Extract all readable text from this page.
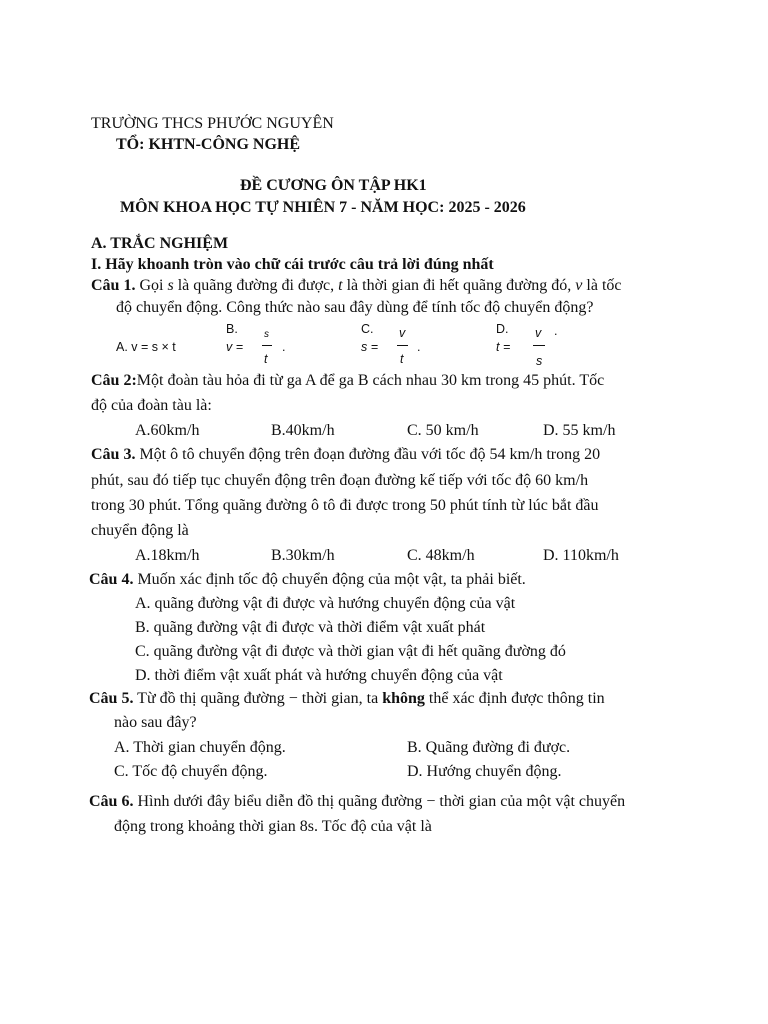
TRƯỜNG THCS PHƯỚC NGUYÊN
TỔ: KHTN-CÔNG NGHỆ
ĐỀ CƯƠNG ÔN TẬP HK1
MÔN KHOA HỌC TỰ NHIÊN 7 - NĂM HỌC: 2025 - 2026
A. TRẮC NGHIỆM
I. Hãy khoanh tròn vào chữ cái trước câu trả lời đúng nhất
Câu 1. Gọi s là quãng đường đi được, t là thời gian đi hết quãng đường đó, v là tốc
độ chuyển động. Công thức nào sau đây dùng để tính tốc độ chuyển động?
A. v = s × t
B.
v =
s
t
.
C.
s =
v
t
.
D.
t =
v
s
.
Câu 2:Một đoàn tàu hỏa đi từ ga A để ga B cách nhau 30 km trong 45 phút. Tốc
độ của đoàn tàu là:
A.60km/h	B.40km/h	C. 50 km/h	D. 55 km/h
Câu 3. Một ô tô chuyển động trên đoạn đường đầu với tốc độ 54 km/h trong 20
phút, sau đó tiếp tục chuyển động trên đoạn đường kế tiếp với tốc độ 60 km/h
trong 30 phút. Tổng quãng đường ô tô đi được trong 50 phút tính từ lúc bắt đầu
chuyển động là
A.18km/h	B.30km/h	C. 48km/h	D. 110km/h
Câu 4. Muốn xác định tốc độ chuyển động của một vật, ta phải biết.
A. quãng đường vật đi được và hướng chuyển động của vật
B. quãng đường vật đi được và thời điểm vật xuất phát
C. quãng đường vật đi được và thời gian vật đi hết quãng đường đó
D. thời điểm vật xuất phát và hướng chuyển động của vật
Câu 5. Từ đồ thị quãng đường − thời gian, ta không thể xác định được thông tin
nào sau đây?
A. Thời gian chuyển động.	B. Quãng đường đi được.
C. Tốc độ chuyển động.	D. Hướng chuyển động.
Câu 6. Hình dưới đây biểu diễn đồ thị quãng đường − thời gian của một vật chuyển
động trong khoảng thời gian 8s. Tốc độ của vật là
